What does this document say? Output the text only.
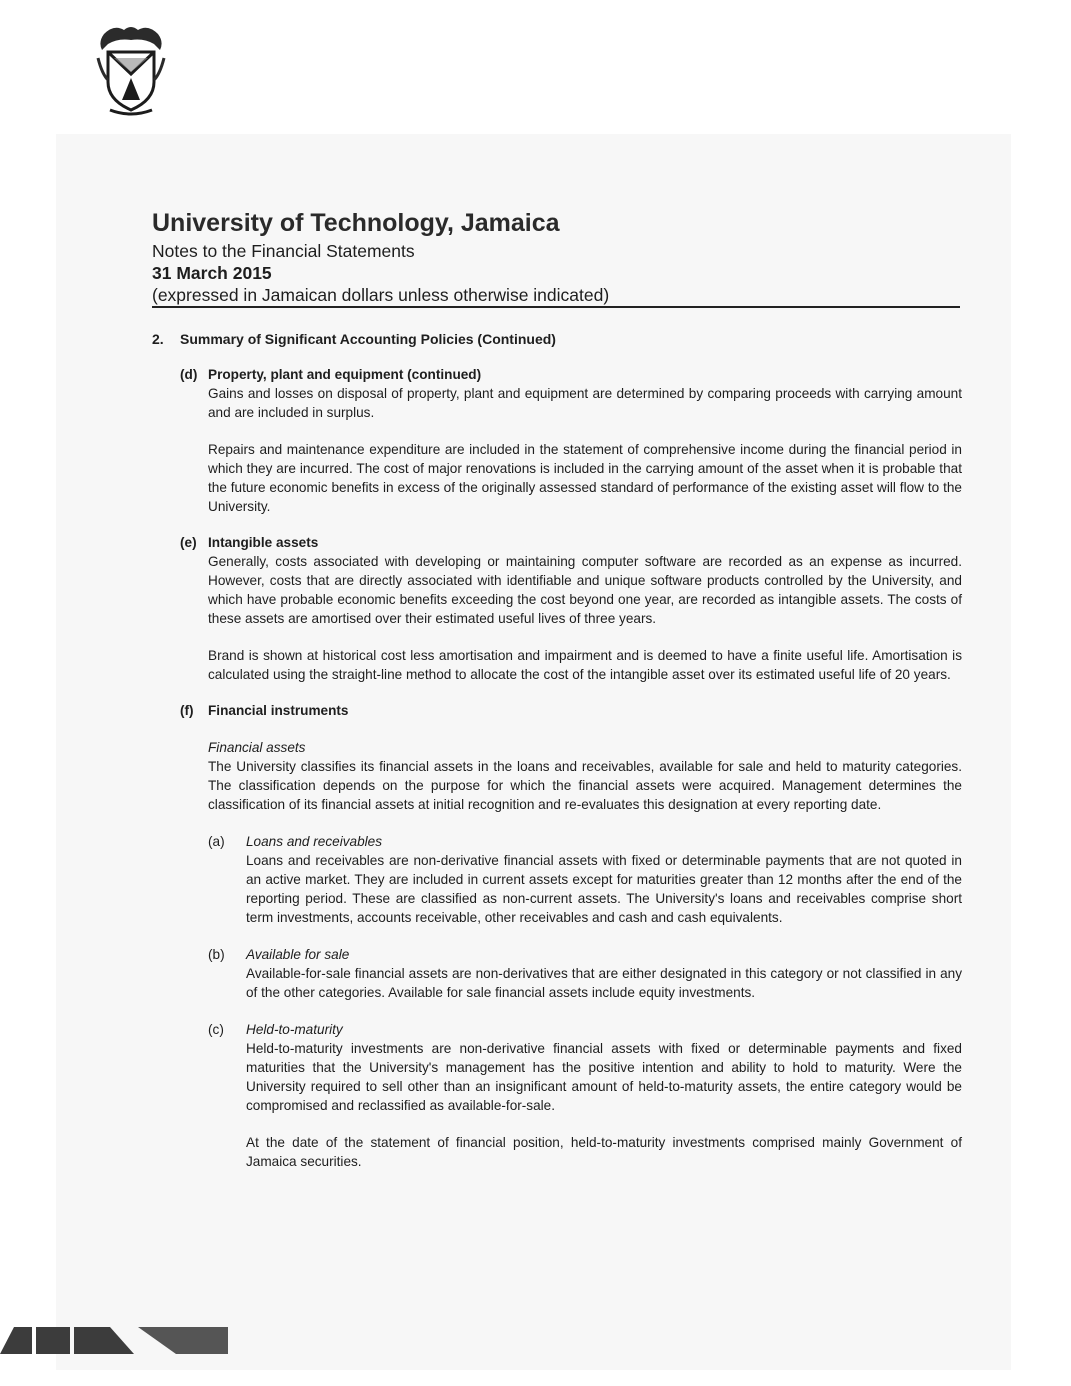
University of Technology, Jamaica
Notes to the Financial Statements
31 March 2015
(expressed in Jamaican dollars unless otherwise indicated)
2.	Summary of Significant Accounting Policies (Continued)
(d) Property, plant and equipment (continued)

Gains and losses on disposal of property, plant and equipment are determined by comparing proceeds with carrying amount and are included in surplus.

Repairs and maintenance expenditure are included in the statement of comprehensive income during the financial period in which they are incurred. The cost of major renovations is included in the carrying amount of the asset when it is probable that the future economic benefits in excess of the originally assessed standard of performance of the existing asset will flow to the University.

(e) Intangible assets

Generally, costs associated with developing or maintaining computer software are recorded as an expense as incurred. However, costs that are directly associated with identifiable and unique software products controlled by the University, and which have probable economic benefits exceeding the cost beyond one year, are recorded as intangible assets. The costs of these assets are amortised over their estimated useful lives of three years.

Brand is shown at historical cost less amortisation and impairment and is deemed to have a finite useful life. Amortisation is calculated using the straight-line method to allocate the cost of the intangible asset over its estimated useful life of 20 years.

(f)	Financial instruments
Financial assets

The University classifies its financial assets in the loans and receivables, available for sale and held to maturity categories. The classification depends on the purpose for which the financial assets were acquired. Management determines the classification of its financial assets at initial recognition and re-evaluates this designation at every reporting date.

(a)	Loans and receivables

Loans and receivables are non-derivative financial assets with fixed or determinable payments that are not quoted in an active market. They are included in current assets except for maturities greater than 12 months after the end of the reporting period. These are classified as non-current assets. The University's loans and receivables comprise short term investments, accounts receivable, other receivables and cash and cash equivalents.

(b)	Available for sale

Available-for-sale financial assets are non-derivatives that are either designated in this category or not classified in any of the other categories. Available for sale financial assets include equity investments.

(c)	Held-to-maturity

Held-to-maturity investments are non-derivative financial assets with fixed or determinable payments and fixed maturities that the University's management has the positive intention and ability to hold to maturity. Were the University required to sell other than an insignificant amount of held-to-maturity assets, the entire category would be compromised and reclassified as available-for-sale.

At the date of the statement of financial position, held-to-maturity investments comprised mainly Government of Jamaica securities.
